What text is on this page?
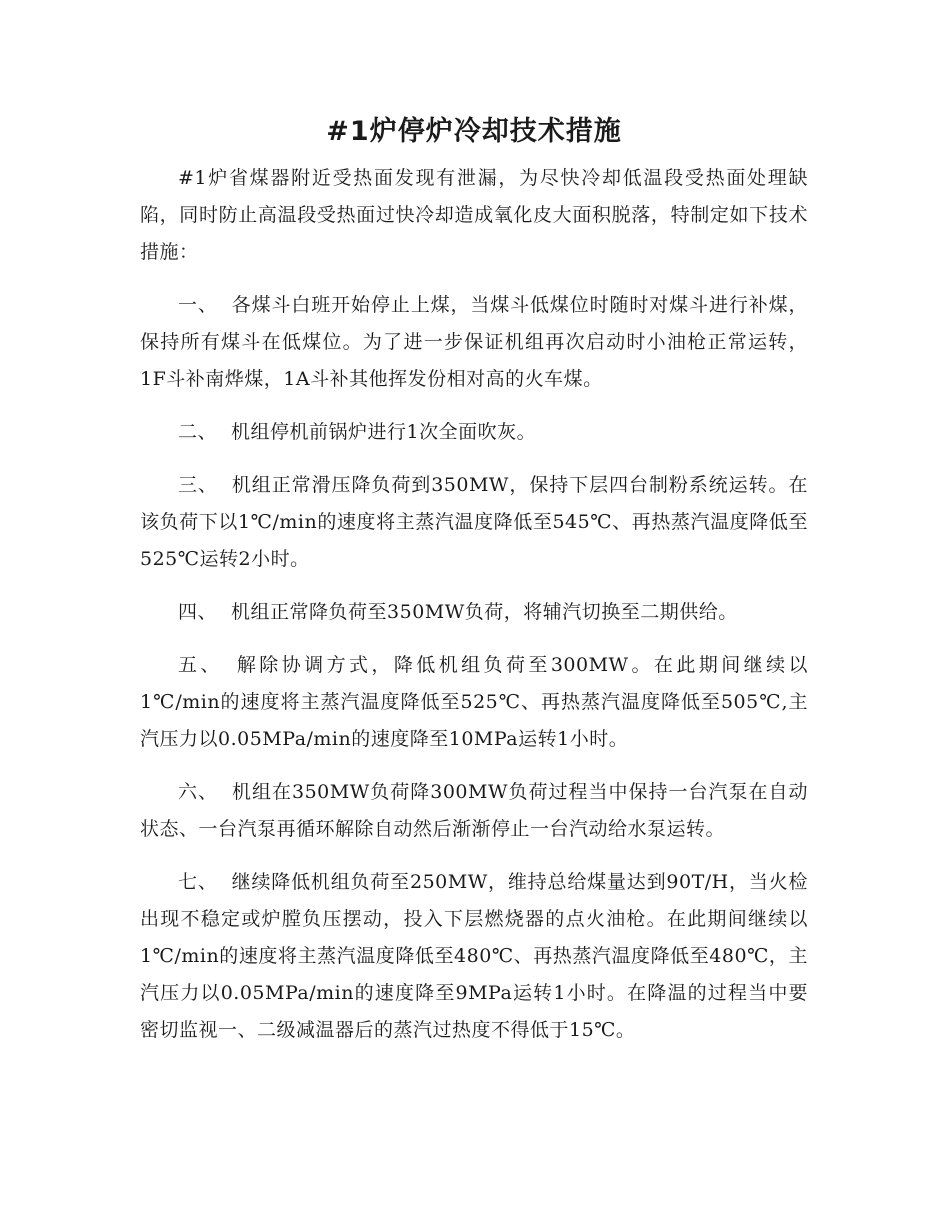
#1炉停炉冷却技术措施

#1炉省煤器附近受热面发现有泄漏，为尽快冷却低温段受热面处理缺陷，同时防止高温段受热面过快冷却造成氧化皮大面积脱落，特制定如下技术措施：

一、 各煤斗白班开始停止上煤，当煤斗低煤位时随时对煤斗进行补煤，保持所有煤斗在低煤位。为了进一步保证机组再次启动时小油枪正常运转，1F斗补南烨煤，1A斗补其他挥发份相对高的火车煤。

二、 机组停机前锅炉进行1次全面吹灰。

三、 机组正常滑压降负荷到350MW，保持下层四台制粉系统运转。在该负荷下以1℃/min的速度将主蒸汽温度降低至545℃、再热蒸汽温度降低至525℃运转2小时。

四、 机组正常降负荷至350MW负荷，将辅汽切换至二期供给。

五、 解除协调方式，降低机组负荷至300MW。在此期间继续以1℃/min的速度将主蒸汽温度降低至525℃、再热蒸汽温度降低至505℃,主汽压力以0.05MPa/min的速度降至10MPa运转1小时。

六、 机组在350MW负荷降300MW负荷过程当中保持一台汽泵在自动状态、一台汽泵再循环解除自动然后渐渐停止一台汽动给水泵运转。

七、 继续降低机组负荷至250MW，维持总给煤量达到90T/H，当火检出现不稳定或炉膛负压摆动，投入下层燃烧器的点火油枪。在此期间继续以1℃/min的速度将主蒸汽温度降低至480℃、再热蒸汽温度降低至480℃，主汽压力以0.05MPa/min的速度降至9MPa运转1小时。在降温的过程当中要密切监视一、二级减温器后的蒸汽过热度不得低于15℃。
